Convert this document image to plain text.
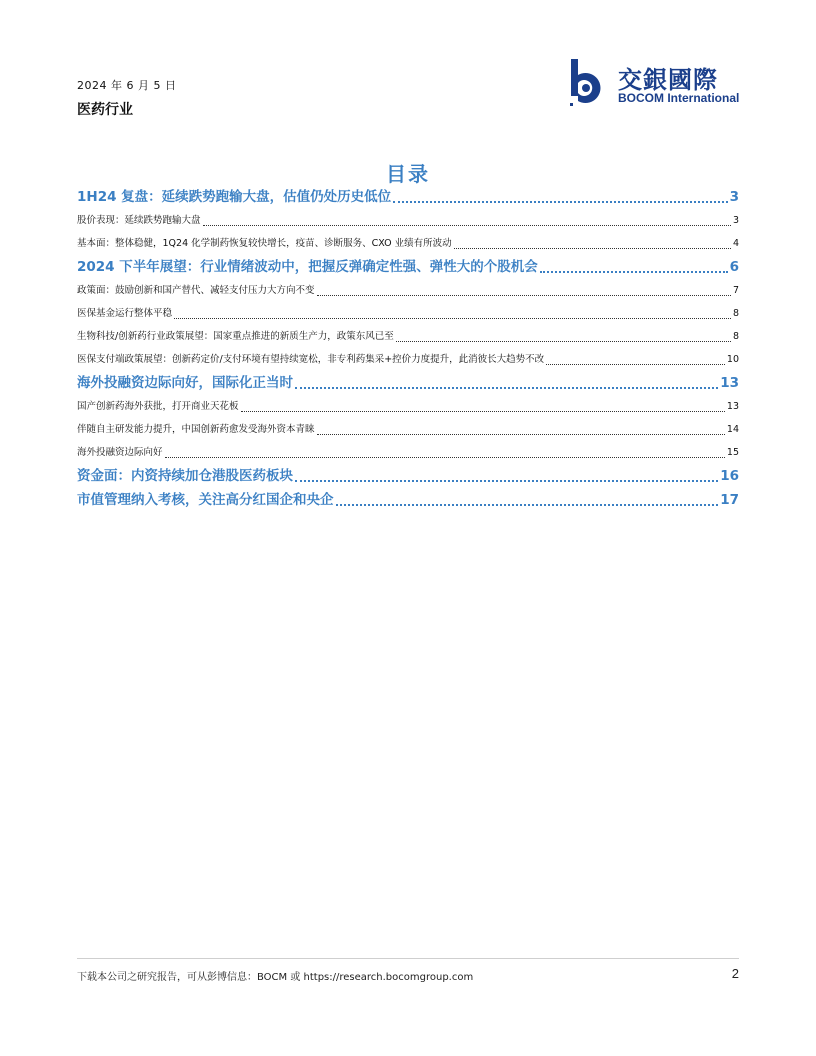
2024 年 6 月 5 日
医药行业
交銀國際
BOCOM International
目录
1H24 复盘：延续跌势跑输大盘，估值仍处历史低位	3
股价表现：延续跌势跑输大盘	3
基本面：整体稳健，1Q24 化学制药恢复较快增长，疫苗、诊断服务、CXO 业绩有所波动	4
2024 下半年展望：行业情绪波动中，把握反弹确定性强、弹性大的个股机会	6
政策面：鼓励创新和国产替代、减轻支付压力大方向不变	7
医保基金运行整体平稳	8
生物科技/创新药行业政策展望：国家重点推进的新质生产力，政策东风已至	8
医保支付端政策展望：创新药定价/支付环境有望持续宽松，非专利药集采+控价力度提升，此消彼长大趋势不改	10
海外投融资边际向好，国际化正当时	13
国产创新药海外获批，打开商业天花板	13
伴随自主研发能力提升，中国创新药愈发受海外资本青睐	14
海外投融资边际向好	15
资金面：内资持续加仓港股医药板块	16
市值管理纳入考核，关注高分红国企和央企	17
下载本公司之研究报告，可从彭博信息：BOCM 或 https://research.bocomgroup.com	2
